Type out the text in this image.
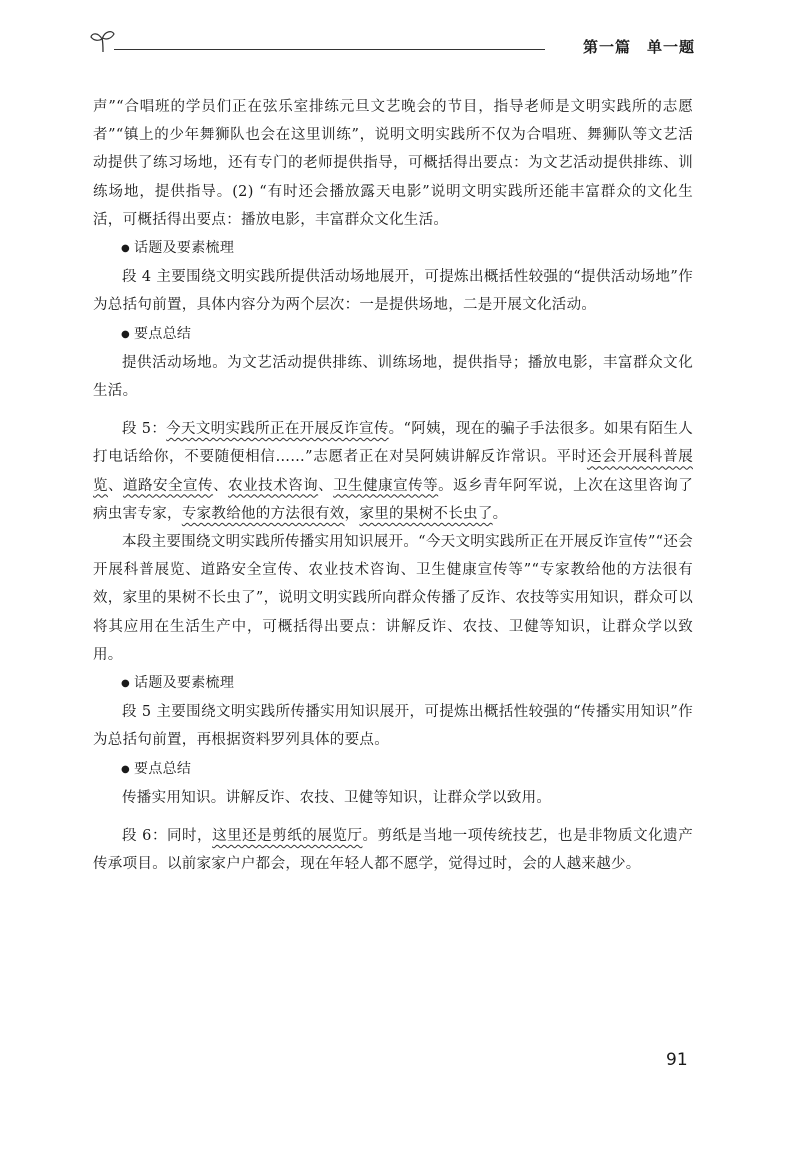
第一篇 单一题

声”“合唱班的学员们正在弦乐室排练元旦文艺晚会的节目，指导老师是文明实践所的志愿者”“镇上的少年舞狮队也会在这里训练”，说明文明实践所不仅为合唱班、舞狮队等文艺活动提供了练习场地，还有专门的老师提供指导，可概括得出要点：为文艺活动提供排练、训练场地，提供指导。(2) “有时还会播放露天电影”说明文明实践所还能丰富群众的文化生活，可概括得出要点：播放电影，丰富群众文化生活。

● 话题及要素梳理

段 4 主要围绕文明实践所提供活动场地展开，可提炼出概括性较强的“提供活动场地”作为总括句前置，具体内容分为两个层次：一是提供场地，二是开展文化活动。

● 要点总结

提供活动场地。为文艺活动提供排练、训练场地，提供指导；播放电影，丰富群众文化生活。

段 5：今天文明实践所正在开展反诈宣传。“阿姨，现在的骗子手法很多。如果有陌生人打电话给你，不要随便相信……”志愿者正在对吴阿姨讲解反诈常识。平时还会开展科普展览、道路安全宣传、农业技术咨询、卫生健康宣传等。返乡青年阿军说，上次在这里咨询了病虫害专家，专家教给他的方法很有效，家里的果树不长虫了。

本段主要围绕文明实践所传播实用知识展开。“今天文明实践所正在开展反诈宣传”“还会开展科普展览、道路安全宣传、农业技术咨询、卫生健康宣传等”“专家教给他的方法很有效，家里的果树不长虫了”，说明文明实践所向群众传播了反诈、农技等实用知识，群众可以将其应用在生活生产中，可概括得出要点：讲解反诈、农技、卫健等知识，让群众学以致用。

● 话题及要素梳理

段 5 主要围绕文明实践所传播实用知识展开，可提炼出概括性较强的“传播实用知识”作为总括句前置，再根据资料罗列具体的要点。

● 要点总结

传播实用知识。讲解反诈、农技、卫健等知识，让群众学以致用。

段 6：同时，这里还是剪纸的展览厅。剪纸是当地一项传统技艺，也是非物质文化遗产传承项目。以前家家户户都会，现在年轻人都不愿学，觉得过时，会的人越来越少。

91
